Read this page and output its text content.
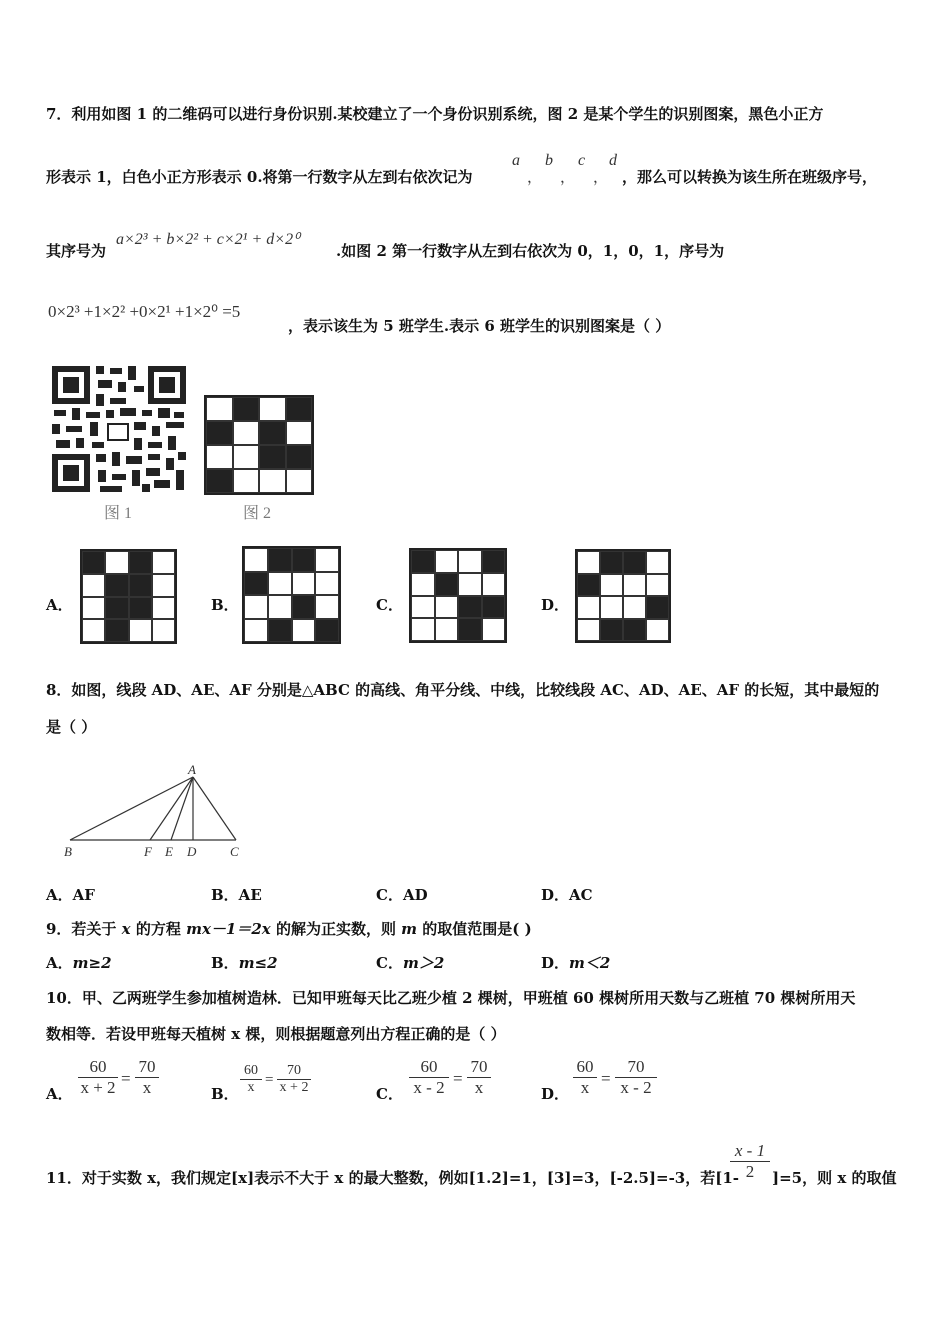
7．利用如图 1 的二维码可以进行身份识别.某校建立了一个身份识别系统，图 2 是某个学生的识别图案，黑色小正方
形表示 1，白色小正方形表示 0.将第一行数字从左到右依次记为
a
，
b
，
c
，
d
，那么可以转换为该生所在班级序号，
其序号为
a×2³ + b×2² + c×2¹ + d×2⁰
.如图 2 第一行数字从左到右依次为 0，1，0，1，序号为
0×2³ +1×2² +0×2¹ +1×2⁰ =5
，表示该生为 5 班学生.表示 6 班学生的识别图案是（ ）
图 1	图 2
A．	B．	C．	D．
8．如图，线段 AD、AE、AF 分别是△ABC 的高线、角平分线、中线，比较线段 AC、AD、AE、AF 的长短，其中最短的
是（ ）
A
B	F E D	C
A．AF	B．AE	C．AD	D．AC
9．若关于 x 的方程 mx－1＝2x 的解为正实数，则 m 的取值范围是( )
A．m≥2	B．m≤2	C．m＞2	D．m＜2
10．甲、乙两班学生参加植树造林．已知甲班每天比乙班少植 2 棵树，甲班植 60 棵树所用天数与乙班植 70 棵树所用天
数相等．若设甲班每天植树 x 棵，则根据题意列出方程正确的是（ ）
A．
60
x + 2 =
70
x	B．
60
x =
70
x + 2	C．
60
x - 2 =
70
x	D．
60
x =
70
x - 2
11．对于实数 x，我们规定[x]表示不大于 x 的最大整数，例如[1.2]=1，[3]=3，[-2.5]=-3，若[1-
x - 1
2	]=5，则 x 的取值
